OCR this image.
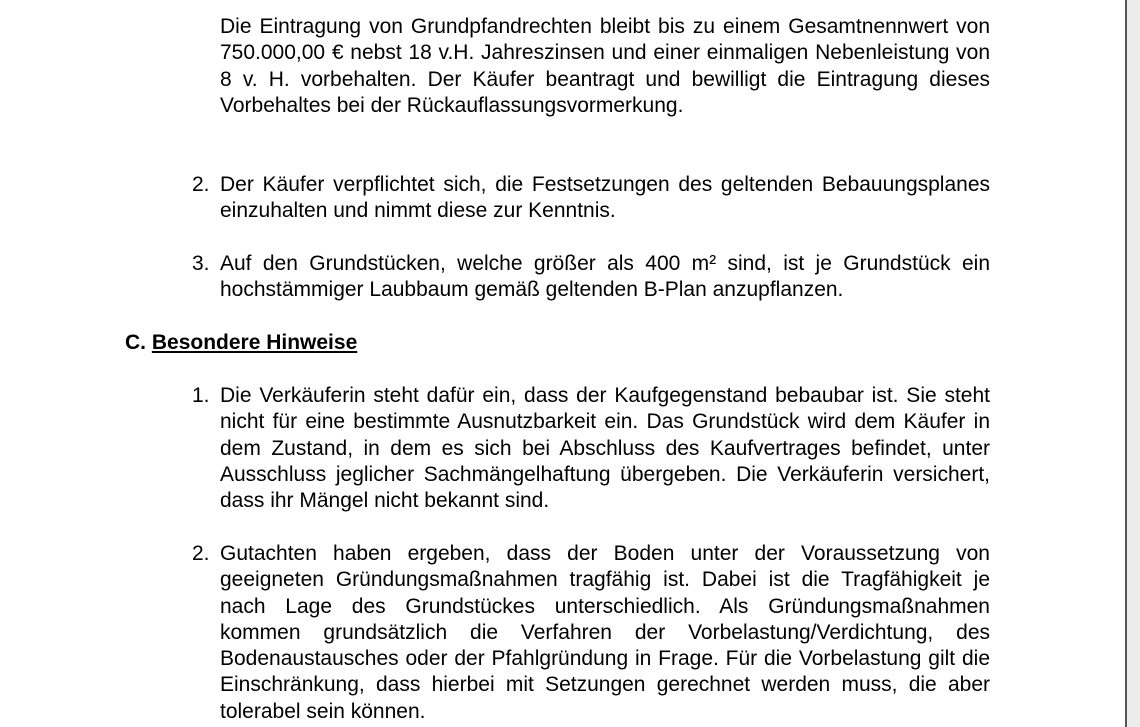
Die Eintragung von Grundpfandrechten bleibt bis zu einem Gesamtnennwert von 750.000,00 € nebst 18 v.H. Jahreszinsen und einer einmaligen Nebenleistung von 8 v. H. vorbehalten. Der Käufer beantragt und bewilligt die Eintragung dieses Vorbehaltes bei der Rückauflassungsvormerkung.

2. Der Käufer verpflichtet sich, die Festsetzungen des geltenden Bebauungsplanes einzuhalten und nimmt diese zur Kenntnis.

3. Auf den Grundstücken, welche größer als 400 m² sind, ist je Grundstück ein hochstämmiger Laubbaum gemäß geltenden B-Plan anzupflanzen.

C. Besondere Hinweise
1. Die Verkäuferin steht dafür ein, dass der Kaufgegenstand bebaubar ist. Sie steht nicht für eine bestimmte Ausnutzbarkeit ein. Das Grundstück wird dem Käufer in dem Zustand, in dem es sich bei Abschluss des Kaufvertrages befindet, unter Ausschluss jeglicher Sachmängelhaftung übergeben. Die Verkäuferin versichert, dass ihr Mängel nicht bekannt sind.

2. Gutachten haben ergeben, dass der Boden unter der Voraussetzung von geeigneten Gründungsmaßnahmen tragfähig ist. Dabei ist die Tragfähigkeit je nach Lage des Grundstückes unterschiedlich. Als Gründungsmaßnahmen kommen grundsätzlich die Verfahren der Vorbelastung/Verdichtung, des Bodenaustausches oder der Pfahlgründung in Frage. Für die Vorbelastung gilt die Einschränkung, dass hierbei mit Setzungen gerechnet werden muss, die aber tolerabel sein können.
